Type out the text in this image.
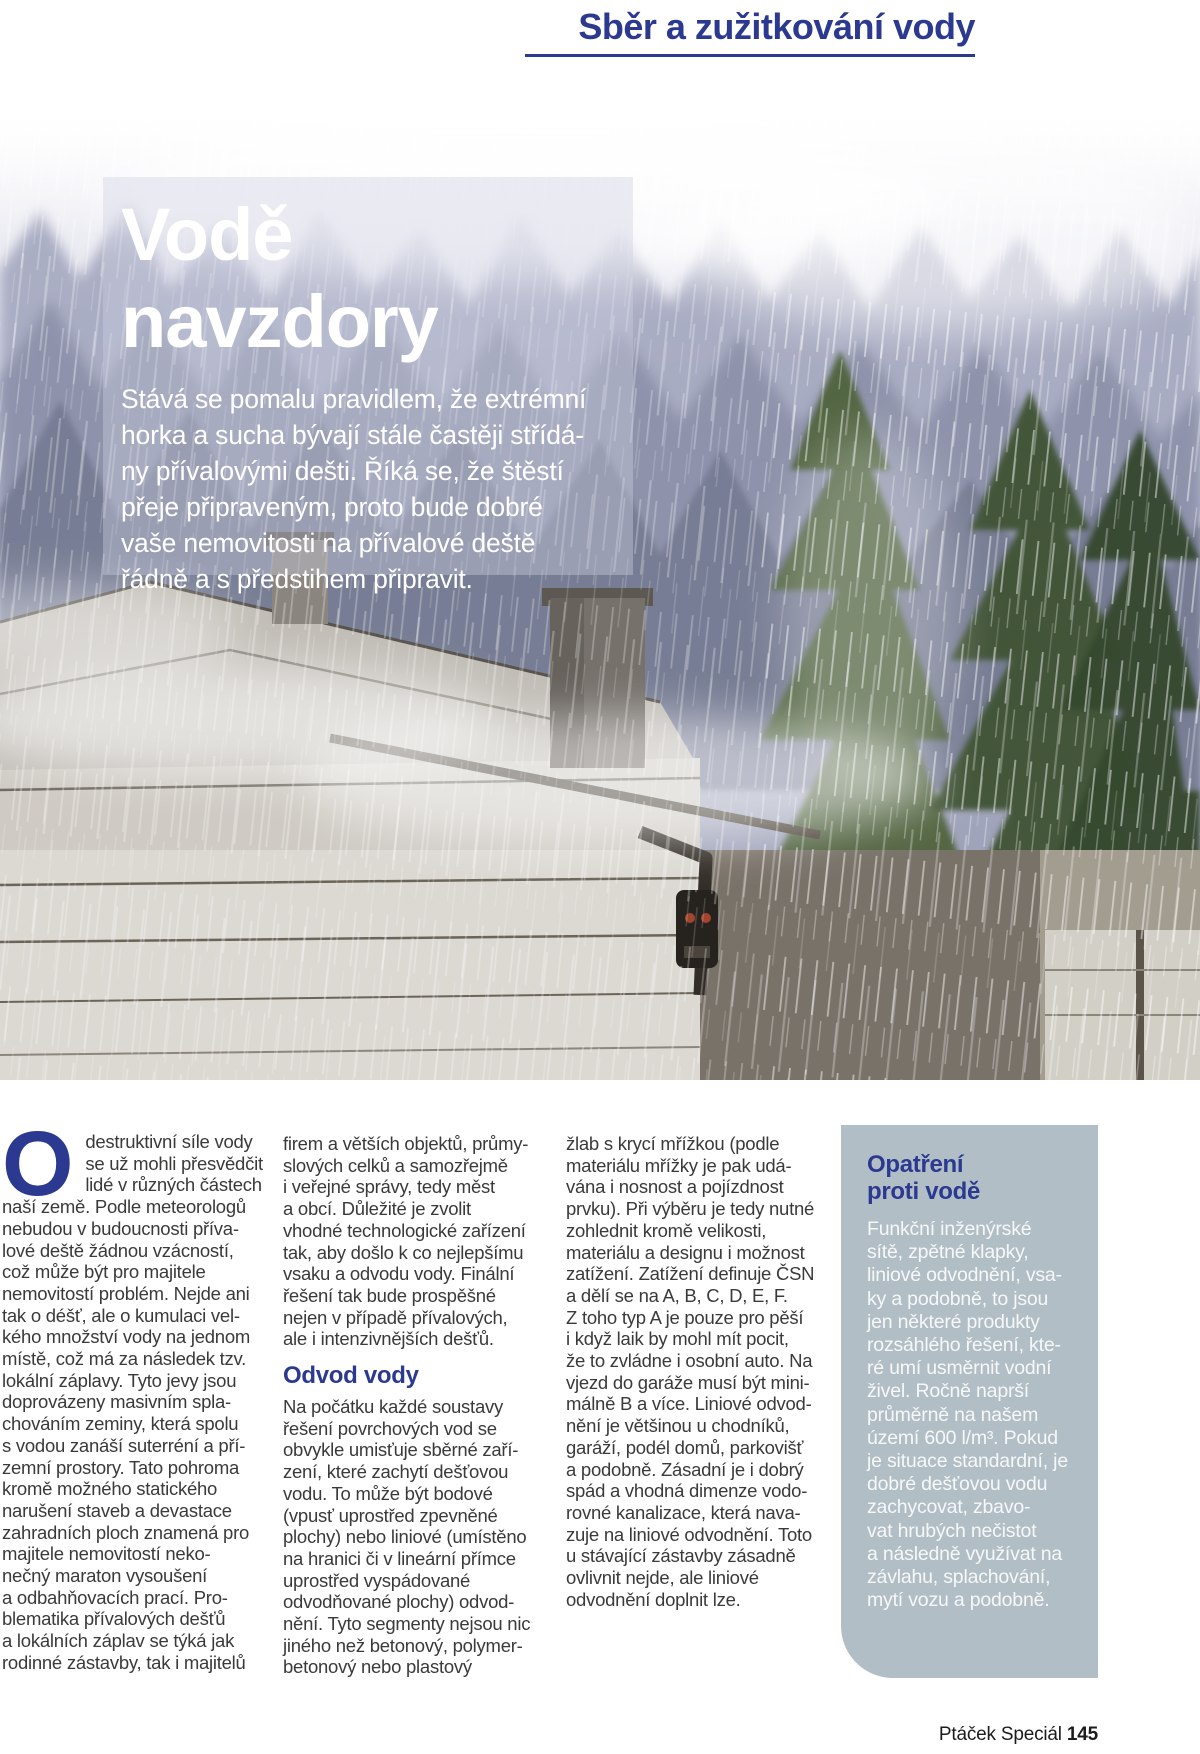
Sběr a zužitkování vody
Vodě
navzdory
Stává se pomalu pravidlem, že extrémní
horka a sucha bývají stále častěji střídá-
ny přívalovými dešti. Říká se, že štěstí
přeje připraveným, proto bude dobré
vaše nemovitosti na přívalové deště
řádně a s předstihem připravit.
O destruktivní síle vody
se už mohli přesvědčit
lidé v různých částech
naší země. Podle meteorologů
nebudou v budoucnosti příva-
lové deště žádnou vzácností,
což může být pro majitele
nemovitostí problém. Nejde ani
tak o déšť, ale o kumulaci vel-
kého množství vody na jednom
místě, což má za následek tzv.
lokální záplavy. Tyto jevy jsou
doprovázeny masivním spla-
chováním zeminy, která spolu
s vodou zanáší suterréní a pří-
zemní prostory. Tato pohroma
kromě možného statického
narušení staveb a devastace
zahradních ploch znamená pro
majitele nemovitostí neko-
nečný maraton vysoušení
a odbahňovacích prací. Pro-
blematika přívalových dešťů
a lokálních záplav se týká jak
rodinné zástavby, tak i majitelů
firem a větších objektů, průmy-
slových celků a samozřejmě
i veřejné správy, tedy měst
a obcí. Důležité je zvolit
vhodné technologické zařízení
tak, aby došlo k co nejlepšímu
vsaku a odvodu vody. Finální
řešení tak bude prospěšné
nejen v případě přívalových,
ale i intenzivnějších dešťů.
Odvod vody
Na počátku každé soustavy
řešení povrchových vod se
obvykle umisťuje sběrné zaří-
zení, které zachytí dešťovou
vodu. To může být bodové
(vpusť uprostřed zpevněné
plochy) nebo liniové (umístěno
na hranici či v lineární přímce
uprostřed vyspádované
odvodňované plochy) odvod-
nění. Tyto segmenty nejsou nic
jiného než betonový, polymer-
betonový nebo plastový
žlab s krycí mřížkou (podle
materiálu mřížky je pak udá-
vána i nosnost a pojízdnost
prvku). Při výběru je tedy nutné
zohlednit kromě velikosti,
materiálu a designu i možnost
zatížení. Zatížení definuje ČSN
a dělí se na A, B, C, D, E, F.
Z toho typ A je pouze pro pěší
i když laik by mohl mít pocit,
že to zvládne i osobní auto. Na
vjezd do garáže musí být mini-
málně B a více. Liniové odvod-
nění je většinou u chodníků,
garáží, podél domů, parkovišť
a podobně. Zásadní je i dobrý
spád a vhodná dimenze vodo-
rovné kanalizace, která nava-
zuje na liniové odvodnění. Toto
u stávající zástavby zásadně
ovlivnit nejde, ale liniové
odvodnění doplnit lze.
Opatření
proti vodě
Funkční inženýrské
sítě, zpětné klapky,
liniové odvodnění, vsa-
ky a podobně, to jsou
jen některé produkty
rozsáhlého řešení, kte-
ré umí usměrnit vodní
živel. Ročně naprší
průměrně na našem
území 600 l/m³. Pokud
je situace standardní, je
dobré dešťovou vodu
zachycovat, zbavo-
vat hrubých nečistot
a následně využívat na
závlahu, splachování,
mytí vozu a podobně.
Ptáček Speciál 145
